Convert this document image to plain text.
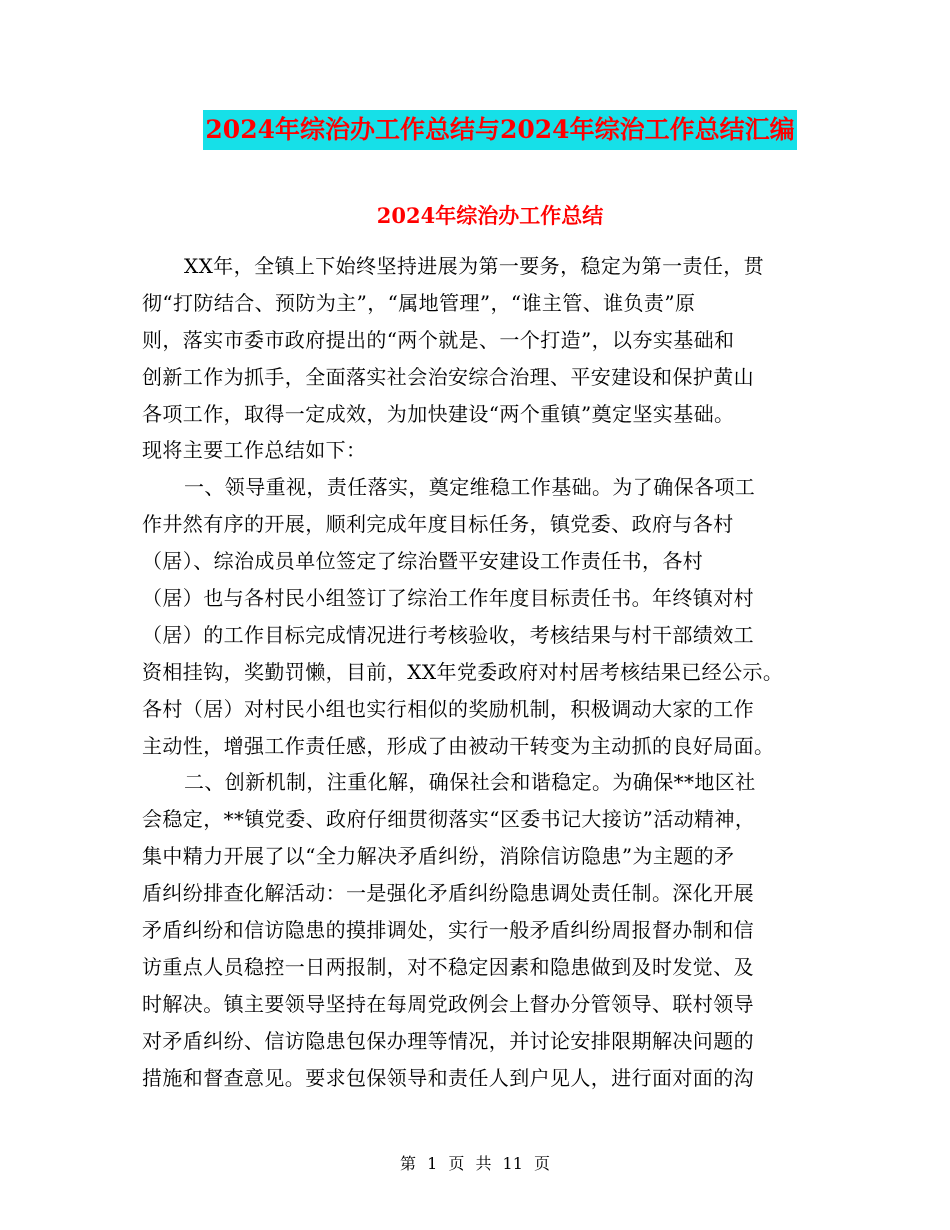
2024年综治办工作总结与2024年综治工作总结汇编
2024年综治办工作总结
XX年，全镇上下始终坚持进展为第一要务，稳定为第一责任，贯
彻“打防结合、预防为主”，“属地管理”，“谁主管、谁负责”原
则，落实市委市政府提出的“两个就是、一个打造”，以夯实基础和
创新工作为抓手，全面落实社会治安综合治理、平安建设和保护黄山
各项工作，取得一定成效，为加快建设“两个重镇”奠定坚实基础。
现将主要工作总结如下：
一、领导重视，责任落实，奠定维稳工作基础。为了确保各项工
作井然有序的开展，顺利完成年度目标任务，镇党委、政府与各村
（居）、综治成员单位签定了综治暨平安建设工作责任书，各村
（居）也与各村民小组签订了综治工作年度目标责任书。年终镇对村
（居）的工作目标完成情况进行考核验收，考核结果与村干部绩效工
资相挂钩，奖勤罚懒，目前，XX年党委政府对村居考核结果已经公示。
各村（居）对村民小组也实行相似的奖励机制，积极调动大家的工作
主动性，增强工作责任感，形成了由被动干转变为主动抓的良好局面。
二、创新机制，注重化解，确保社会和谐稳定。为确保**地区社
会稳定，**镇党委、政府仔细贯彻落实“区委书记大接访”活动精神，
集中精力开展了以“全力解决矛盾纠纷，消除信访隐患”为主题的矛
盾纠纷排查化解活动：一是强化矛盾纠纷隐患调处责任制。深化开展
矛盾纠纷和信访隐患的摸排调处，实行一般矛盾纠纷周报督办制和信
访重点人员稳控一日两报制，对不稳定因素和隐患做到及时发觉、及
时解决。镇主要领导坚持在每周党政例会上督办分管领导、联村领导
对矛盾纠纷、信访隐患包保办理等情况，并讨论安排限期解决问题的
措施和督查意见。要求包保领导和责任人到户见人，进行面对面的沟
第 1 页 共 11 页
